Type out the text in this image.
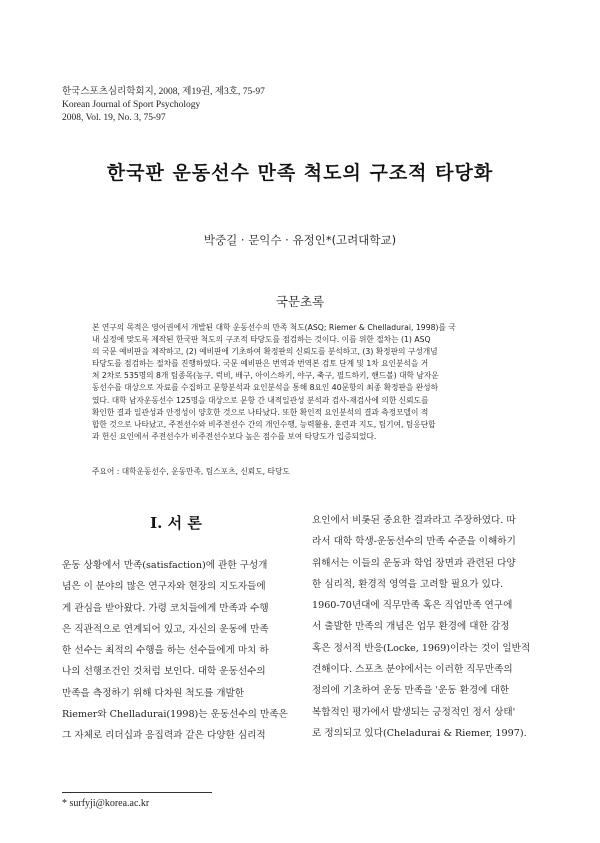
한국스포츠심리학회지, 2008, 제19권, 제3호, 75-97
Korean Journal of Sport Psychology
2008, Vol. 19, No. 3, 75-97
한국판 운동선수 만족 척도의 구조적 타당화
박중길 · 문익수 · 유정인*(고려대학교)
국문초록
본 연구의 목적은 영어권에서 개발된 대학 운동선수의 만족 척도(ASQ; Riemer & Chelladurai, 1998)를 국
내 실정에 맞도록 제작된 한국판 척도의 구조적 타당도를 점검하는 것이다. 이를 위한 절차는 (1) ASQ
의 국문 예비판을 제작하고, (2) 예비판에 기초하여 확정판의 신뢰도를 분석하고, (3) 확정판의 구성개념
타당도를 점검하는 절차를 진행하였다. 국문 예비판은 번역과 번역본 검토 단계 및 1차 요인분석을 거
쳐 2차로 535명의 8개 팀종목(농구, 럭비, 배구, 아이스하키, 야구, 축구, 필드하키, 핸드볼) 대학 남자운
동선수를 대상으로 자료를 수집하고 문항분석과 요인분석을 통해 8요인 40문항의 최종 확정판을 완성하
였다. 대학 남자운동선수 125명을 대상으로 문항 간 내적일관성 분석과 검사-재검사에 의한 신뢰도를
확인한 결과 일관성과 안정성이 양호한 것으로 나타났다. 또한 확인적 요인분석의 결과 측정모델이 적
합한 것으로 나타났고, 주전선수와 비주전선수 간의 개인수행, 능력활용, 훈련과 지도, 팀기여, 팀응단합
과 헌신 요인에서 주전선수가 비주전선수보다 높은 점수를 보여 타당도가 입증되었다.
주요어 : 대학운동선수, 운동만족, 팀스포츠, 신뢰도, 타당도
I. 서 론
운동 상황에서 만족(satisfaction)에 관한 구성개
념은 이 분야의 많은 연구자와 현장의 지도자들에
게 관심을 받아왔다. 가령 코치들에게 만족과 수행
은 직관적으로 연계되어 있고, 자신의 운동에 만족
한 선수는 최적의 수행을 하는 선수들에게 마치 하
나의 선행조건인 것처럼 보인다. 대학 운동선수의
만족을 측정하기 위해 다차원 척도를 개발한
Riemer와 Chelladurai(1998)는 운동선수의 만족은
그 자체로 리더십과 응집력과 같은 다양한 심리적
요인에서 비롯된 중요한 결과라고 주장하였다. 따
라서 대학 학생-운동선수의 만족 수준을 이해하기
위해서는 이들의 운동과 학업 장면과 관련된 다양
한 심리적, 환경적 영역을 고려할 필요가 있다.
1960-70년대에 직무만족 혹은 직업만족 연구에
서 출발한 만족의 개념은 업무 환경에 대한 감정
혹은 정서적 반응(Locke, 1969)이라는 것이 일반적
견해이다. 스포츠 분야에서는 이러한 직무만족의
정의에 기초하여 운동 만족을 '운동 환경에 대한
복합적인 평가에서 발생되는 긍정적인 정서 상태'
로 정의되고 있다(Cheladurai & Riemer, 1997).
* surfyji@korea.ac.kr
